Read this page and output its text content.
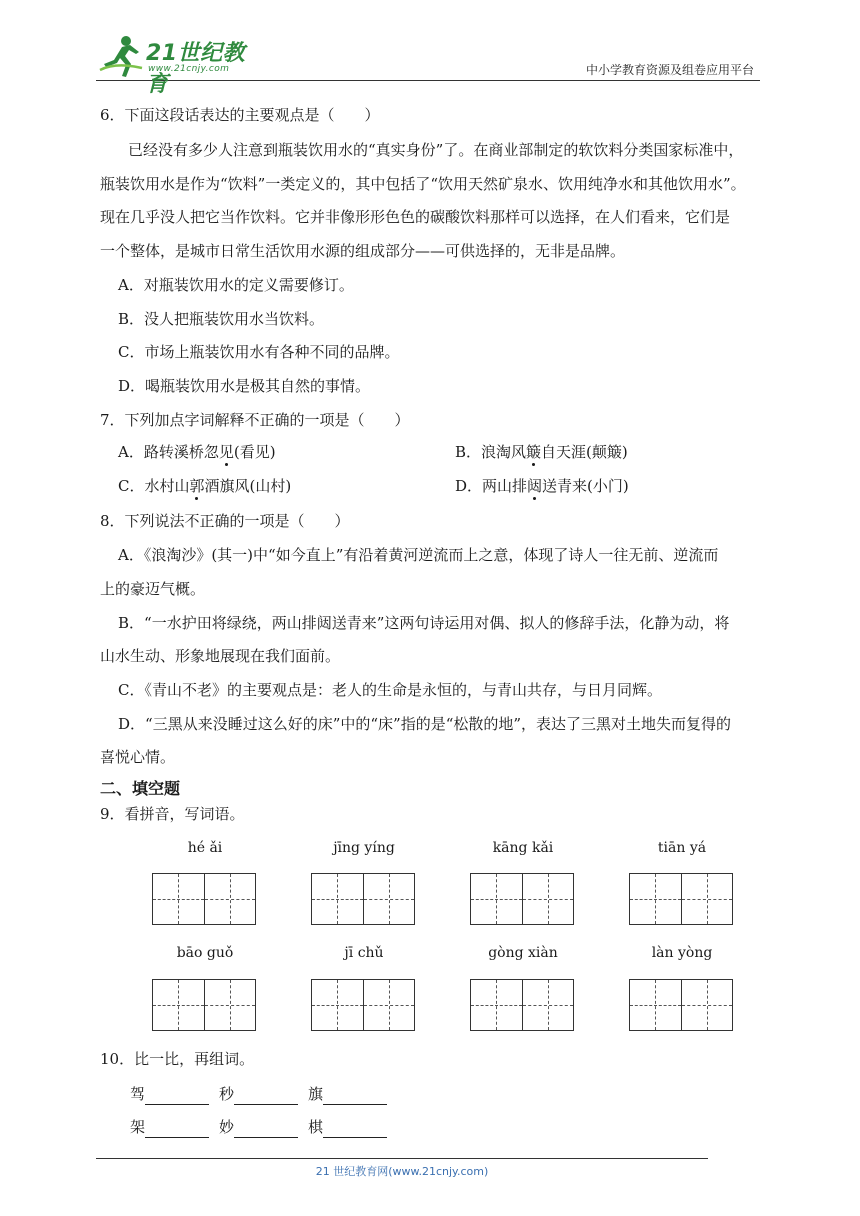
21世纪教育
www.21cnjy.com	中小学教育资源及组卷应用平台
6．下面这段话表达的主要观点是（　　）
已经没有多少人注意到瓶装饮用水的“真实身份”了。在商业部制定的软饮料分类国家标准中，
瓶装饮用水是作为“饮料”一类定义的，其中包括了“饮用天然矿泉水、饮用纯净水和其他饮用水”。
现在几乎没人把它当作饮料。它并非像形形色色的碳酸饮料那样可以选择，在人们看来，它们是
一个整体，是城市日常生活饮用水源的组成部分——可供选择的，无非是品牌。
A．对瓶装饮用水的定义需要修订。
B．没人把瓶装饮用水当饮料。
C．市场上瓶装饮用水有各种不同的品牌。
D．喝瓶装饮用水是极其自然的事情。
7．下列加点字词解释不正确的一项是（　　）
A．路转溪桥忽见(看见)	B．浪淘风簸自天涯(颠簸)
C．水村山郭酒旗风(山村)	D．两山排闼送青来(小门)
8．下列说法不正确的一项是（　　）
A．《浪淘沙》(其一)中“如今直上”有沿着黄河逆流而上之意，体现了诗人一往无前、逆流而
上的豪迈气概。
B．“一水护田将绿绕，两山排闼送青来”这两句诗运用对偶、拟人的修辞手法，化静为动，将
山水生动、形象地展现在我们面前。
C．《青山不老》的主要观点是：老人的生命是永恒的，与青山共存，与日月同辉。
D．“三黑从来没睡过这么好的床”中的“床”指的是“松散的地”，表达了三黑对土地失而复得的
喜悦心情。
二、填空题
9．看拼音，写词语。
hé ǎi	jīng yíng	kāng kǎi	tiān yá
bāo guǒ	jī chǔ	gòng xiàn	làn yòng
10．比一比，再组词。
驾	秒	旗
架	妙	棋
21 世纪教育网(www.21cnjy.com)
